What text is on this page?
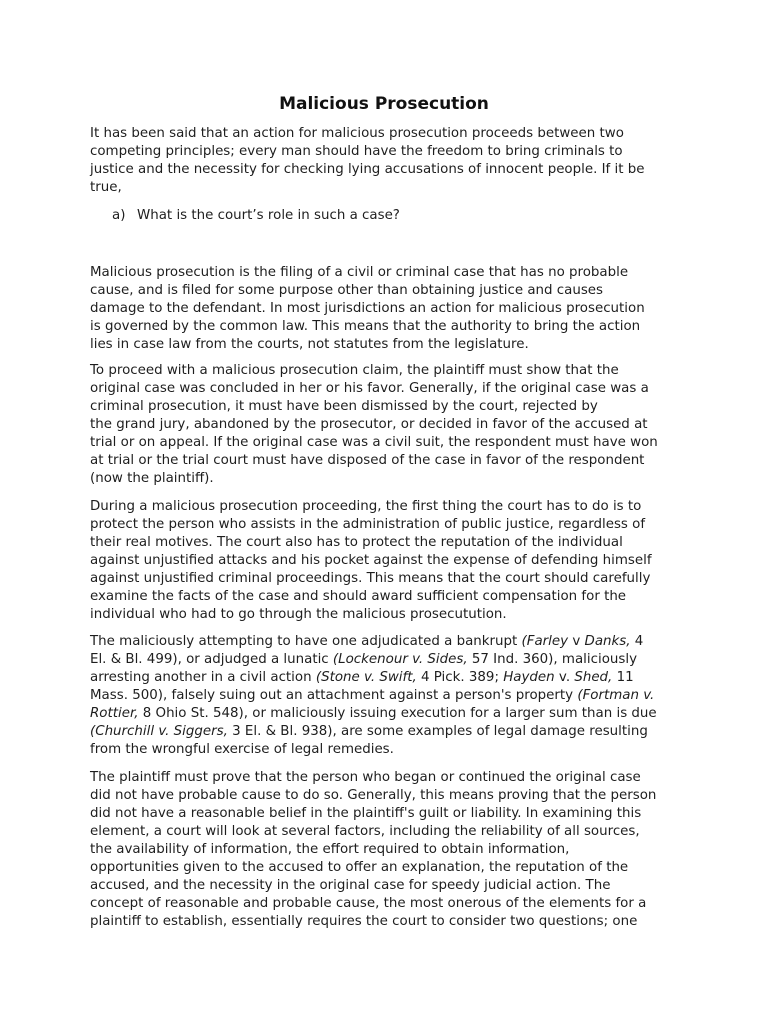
Malicious Prosecution
It has been said that an action for malicious prosecution proceeds between two
competing principles; every man should have the freedom to bring criminals to
justice and the necessity for checking lying accusations of innocent people. If it be
true,
a) What is the court’s role in such a case?
Malicious prosecution is the filing of a civil or criminal case that has no probable
cause, and is filed for some purpose other than obtaining justice and causes
damage to the defendant. In most jurisdictions an action for malicious prosecution
is governed by the common law. This means that the authority to bring the action
lies in case law from the courts, not statutes from the legislature.
To proceed with a malicious prosecution claim, the plaintiff must show that the
original case was concluded in her or his favor. Generally, if the original case was a
criminal prosecution, it must have been dismissed by the court, rejected by
the grand jury, abandoned by the prosecutor, or decided in favor of the accused at
trial or on appeal. If the original case was a civil suit, the respondent must have won
at trial or the trial court must have disposed of the case in favor of the respondent
(now the plaintiff).
During a malicious prosecution proceeding, the first thing the court has to do is to
protect the person who assists in the administration of public justice, regardless of
their real motives. The court also has to protect the reputation of the individual
against unjustified attacks and his pocket against the expense of defending himself
against unjustified criminal proceedings. This means that the court should carefully
examine the facts of the case and should award sufficient compensation for the
individual who had to go through the malicious prosecutution.
The maliciously attempting to have one adjudicated a bankrupt (Farley v Danks, 4
El. & Bl. 499), or adjudged a lunatic (Lockenour v. Sides, 57 Ind. 360), maliciously
arresting another in a civil action (Stone v. Swift, 4 Pick. 389; Hayden v. Shed, 11
Mass. 500), falsely suing out an attachment against a person's property (Fortman v.
Rottier, 8 Ohio St. 548), or maliciously issuing execution for a larger sum than is due
(Churchill v. Siggers, 3 El. & Bl. 938), are some examples of legal damage resulting
from the wrongful exercise of legal remedies.
The plaintiff must prove that the person who began or continued the original case
did not have probable cause to do so. Generally, this means proving that the person
did not have a reasonable belief in the plaintiff's guilt or liability. In examining this
element, a court will look at several factors, including the reliability of all sources,
the availability of information, the effort required to obtain information,
opportunities given to the accused to offer an explanation, the reputation of the
accused, and the necessity in the original case for speedy judicial action. The
concept of reasonable and probable cause, the most onerous of the elements for a
plaintiff to establish, essentially requires the court to consider two questions; one
